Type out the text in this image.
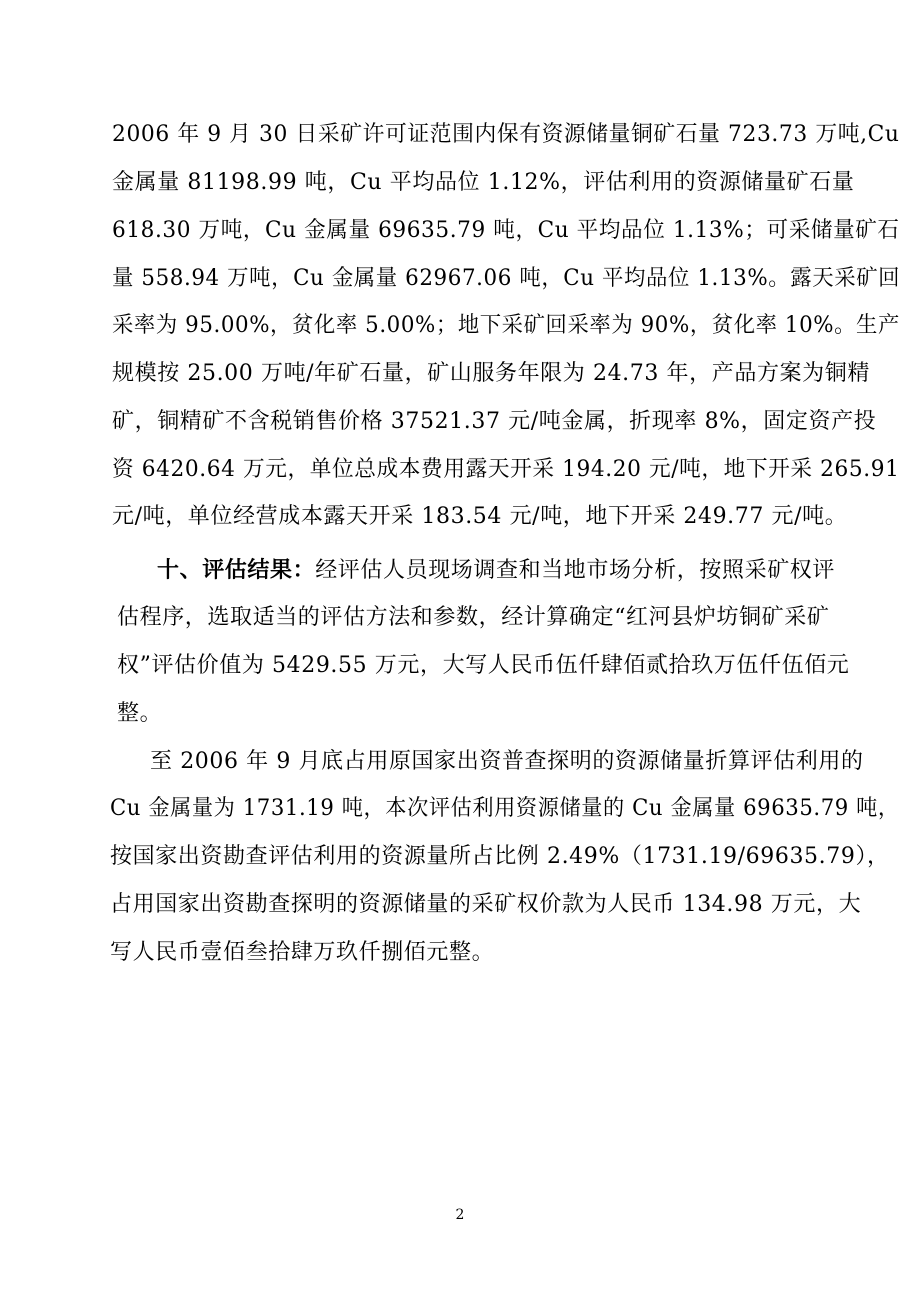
2006 年 9 月 30 日采矿许可证范围内保有资源储量铜矿石量 723.73 万吨,Cu
金属量 81198.99 吨，Cu 平均品位 1.12%，评估利用的资源储量矿石量
618.30 万吨，Cu 金属量 69635.79 吨，Cu 平均品位 1.13%；可采储量矿石
量 558.94 万吨，Cu 金属量 62967.06 吨，Cu 平均品位 1.13%。露天采矿回
采率为 95.00%，贫化率 5.00%；地下采矿回采率为 90%，贫化率 10%。生产
规模按 25.00 万吨/年矿石量，矿山服务年限为 24.73 年，产品方案为铜精
矿，铜精矿不含税销售价格 37521.37 元/吨金属，折现率 8%，固定资产投
资 6420.64 万元，单位总成本费用露天开采 194.20 元/吨，地下开采 265.91
元/吨，单位经营成本露天开采 183.54 元/吨，地下开采 249.77 元/吨。
十、评估结果：经评估人员现场调查和当地市场分析，按照采矿权评
估程序，选取适当的评估方法和参数，经计算确定“红河县炉坊铜矿采矿
权”评估价值为 5429.55 万元，大写人民币伍仟肆佰贰拾玖万伍仟伍佰元
整。
至 2006 年 9 月底占用原国家出资普查探明的资源储量折算评估利用的
Cu 金属量为 1731.19 吨，本次评估利用资源储量的 Cu 金属量 69635.79 吨，
按国家出资勘查评估利用的资源量所占比例 2.49%（1731.19/69635.79），
占用国家出资勘查探明的资源储量的采矿权价款为人民币 134.98 万元，大
写人民币壹佰叁拾肆万玖仟捌佰元整。
2
